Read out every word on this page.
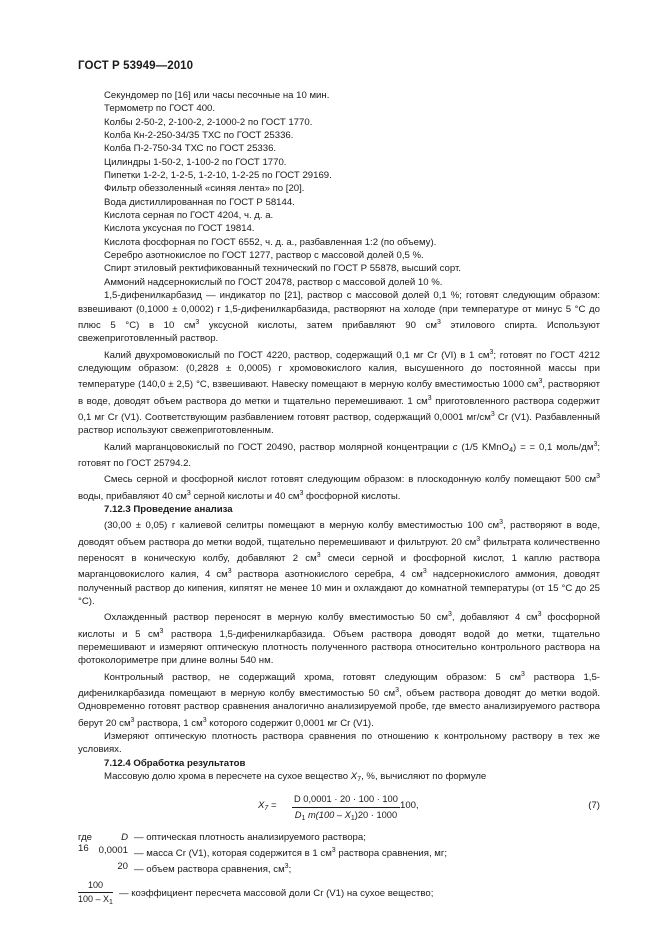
ГОСТ Р 53949—2010
Секундомер по [16] или часы песочные на 10 мин.
Термометр по ГОСТ 400.
Колбы 2-50-2, 2-100-2, 2-1000-2 по ГОСТ 1770.
Колба Кн-2-250-34/35 ТХС по ГОСТ 25336.
Колба П-2-750-34 ТХС по ГОСТ 25336.
Цилиндры 1-50-2, 1-100-2 по ГОСТ 1770.
Пипетки 1-2-2, 1-2-5, 1-2-10, 1-2-25 по ГОСТ 29169.
Фильтр обеззоленный «синяя лента» по [20].
Вода дистиллированная по ГОСТ Р 58144.
Кислота серная по ГОСТ 4204, ч. д. а.
Кислота уксусная по ГОСТ 19814.
Кислота фосфорная по ГОСТ 6552, ч. д. а., разбавленная 1:2 (по объему).
Серебро азотнокислое по ГОСТ 1277, раствор с массовой долей 0,5 %.
Спирт этиловый ректификованный технический по ГОСТ Р 55878, высший сорт.
Аммоний надсернокислый по ГОСТ 20478, раствор с массовой долей 10 %.

1,5-дифенилкарбазид — индикатор по [21], раствор с массовой долей 0,1 %; готовят следующим образом: взвешивают (0,1000 ± 0,0002) г 1,5-дифенилкарбазида, растворяют на холоде (при температуре от минус 5 °С до плюс 5 °С) в 10 $см^3$ уксусной кислоты, затем прибавляют 90 $см^3$ этилового спирта. Используют свежеприготовленный раствор.

Калий двухромовокислый по ГОСТ 4220, раствор, содержащий 0,1 мг Cr (VI) в 1 $см^3$; готовят по ГОСТ 4212 следующим образом: (0,2828 ± 0,0005) г хромовокислого калия, высушенного до постоянной массы при температуре (140,0 ± 2,5) °С, взвешивают. Навеску помещают в мерную колбу вместимостью 1000 $см^3$, растворяют в воде, доводят объем раствора до метки и тщательно перемешивают. 1 $см^3$ приготовленного раствора содержит 0,1 мг Cr (V1). Соответствующим разбавлением готовят раствор, содержащий 0,0001 $мг/см^3$ Cr (V1). Разбавленный раствор используют свежеприготовленным.

Калий марганцовокислый по ГОСТ 20490, раствор молярной концентрации c (1/5 KMnO$_4$) = = 0,1 моль/$дм^3$; готовят по ГОСТ 25794.2.

Смесь серной и фосфорной кислот готовят следующим образом: в плоскодонную колбу помещают 500 $см^3$ воды, прибавляют 40 $см^3$ серной кислоты и 40 $см^3$ фосфорной кислоты.

7.12.3 Проведение анализа

(30,00 ± 0,05) г калиевой селитры помещают в мерную колбу вместимостью 100 $см^3$, растворяют в воде, доводят объем раствора до метки водой, тщательно перемешивают и фильтруют. 20 $см^3$ фильтрата количественно переносят в коническую колбу, добавляют 2 $см^3$ смеси серной и фосфорной кислот, 1 каплю раствора марганцовокислого калия, 4 $см^3$ раствора азотнокислого серебра, 4 $см^3$ надсернокислого аммония, доводят полученный раствор до кипения, кипятят не менее 10 мин и охлаждают до комнатной температуры (от 15 °С до 25 °С).

Охлажденный раствор переносят в мерную колбу вместимостью 50 $см^3$, добавляют 4 $см^3$ фосфорной кислоты и 5 $см^3$ раствора 1,5-дифенилкарбазида. Объем раствора доводят водой до метки, тщательно перемешивают и измеряют оптическую плотность полученного раствора относительно контрольного раствора на фотоколориметре при длине волны 540 нм.

Контрольный раствор, не содержащий хрома, готовят следующим образом: 5 $см^3$ раствора 1,5-дифенилкарбазида помещают в мерную колбу вместимостью 50 $см^3$, объем раствора доводят до метки водой. Одновременно готовят раствор сравнения аналогично анализируемой пробе, где вместо анализируемого раствора берут 20 $см^3$ раствора, 1 $см^3$ которого содержит 0,0001 мг Cr (V1).

Измеряют оптическую плотность раствора сравнения по отношению к контрольному раствору в тех же условиях.

7.12.4 Обработка результатов

Массовую долю хрома в пересчете на сухое вещество $X_7$, %, вычисляют по формуле

$X_7 = \frac{D 0,0001 \cdot 20 \cdot 100 \cdot 100}{D_1 m(100 - X_1)20 \cdot 1000} 100$,	(7)
где	D — оптическая плотность анализируемого раствора;
0,0001 — масса Cr (V1), которая содержится в 1 $см^3$ раствора сравнения, мг;
20 — объем раствора сравнения, $см^3$;
100
$100 - X_1$
— коэффициент пересчета массовой доли Cr (V1) на сухое вещество;
16
